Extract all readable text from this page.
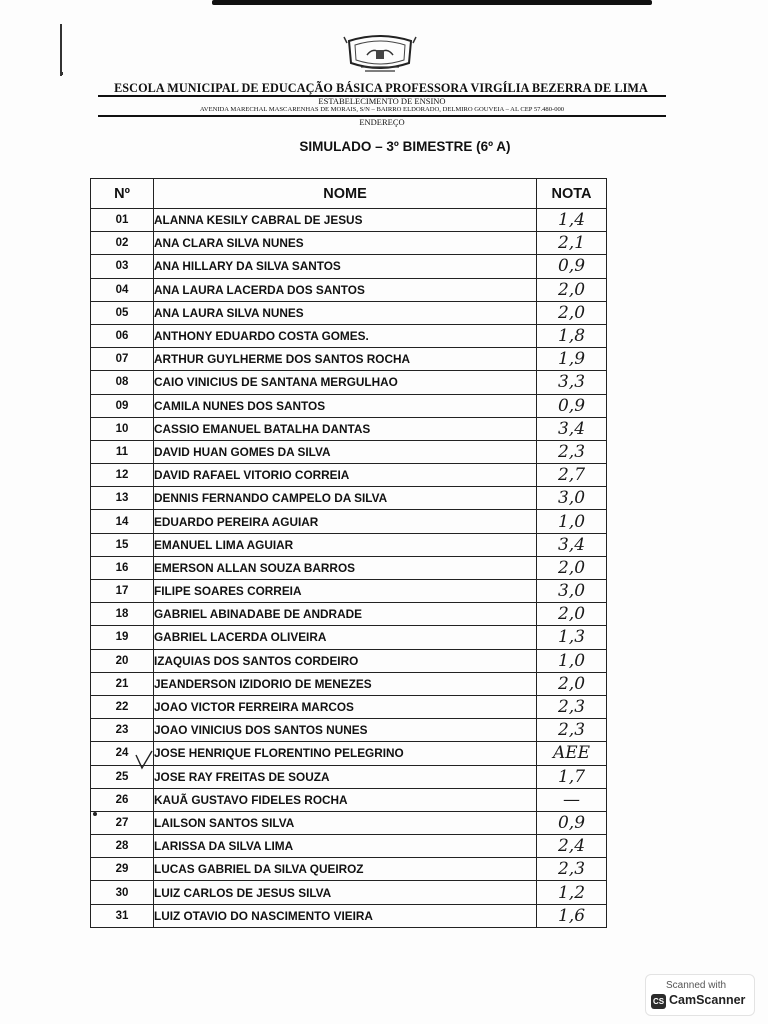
ESCOLA MUNICIPAL DE EDUCAÇÃO BÁSICA PROFESSORA VIRGÍLIA BEZERRA DE LIMA
ESTABELECIMENTO DE ENSINO
AVENIDA MARECHAL MASCARENHAS DE MORAIS, S/N – BAIRRO ELDORADO, DELMIRO GOUVEIA – AL CEP 57.480-000
ENDEREÇO
SIMULADO – 3º BIMESTRE (6º A)
Nº	NOME	NOTA
01	ALANNA KESILY CABRAL DE JESUS	1,4
02	ANA CLARA SILVA NUNES	2,1
03	ANA HILLARY DA SILVA SANTOS	0,9
04	ANA LAURA LACERDA DOS SANTOS	2,0
05	ANA LAURA SILVA NUNES	2,0
06	ANTHONY EDUARDO COSTA GOMES.	1,8
07	ARTHUR GUYLHERME DOS SANTOS ROCHA	1,9
08	CAIO VINICIUS DE SANTANA MERGULHAO	3,3
09	CAMILA NUNES DOS SANTOS	0,9
10	CASSIO EMANUEL BATALHA DANTAS	3,4
11	DAVID HUAN GOMES DA SILVA	2,3
12	DAVID RAFAEL VITORIO CORREIA	2,7
13	DENNIS FERNANDO CAMPELO DA SILVA	3,0
14	EDUARDO PEREIRA AGUIAR	1,0
15	EMANUEL LIMA AGUIAR	3,4
16	EMERSON ALLAN SOUZA BARROS	2,0
17	FILIPE SOARES CORREIA	3,0
18	GABRIEL ABINADABE DE ANDRADE	2,0
19	GABRIEL LACERDA OLIVEIRA	1,3
20	IZAQUIAS DOS SANTOS CORDEIRO	1,0
21	JEANDERSON IZIDORIO DE MENEZES	2,0
22	JOAO VICTOR FERREIRA MARCOS	2,3
23	JOAO VINICIUS DOS SANTOS NUNES	2,3
24	JOSE HENRIQUE FLORENTINO PELEGRINO	AEE
25	JOSE RAY FREITAS DE SOUZA	1,7
26	KAUÃ GUSTAVO FIDELES ROCHA	—
27	LAILSON SANTOS SILVA	0,9
28	LARISSA DA SILVA LIMA	2,4
29	LUCAS GABRIEL DA SILVA QUEIROZ	2,3
30	LUIZ CARLOS DE JESUS SILVA	1,2
31	LUIZ OTAVIO DO NASCIMENTO VIEIRA	1,6
Scanned with
CS CamScanner
